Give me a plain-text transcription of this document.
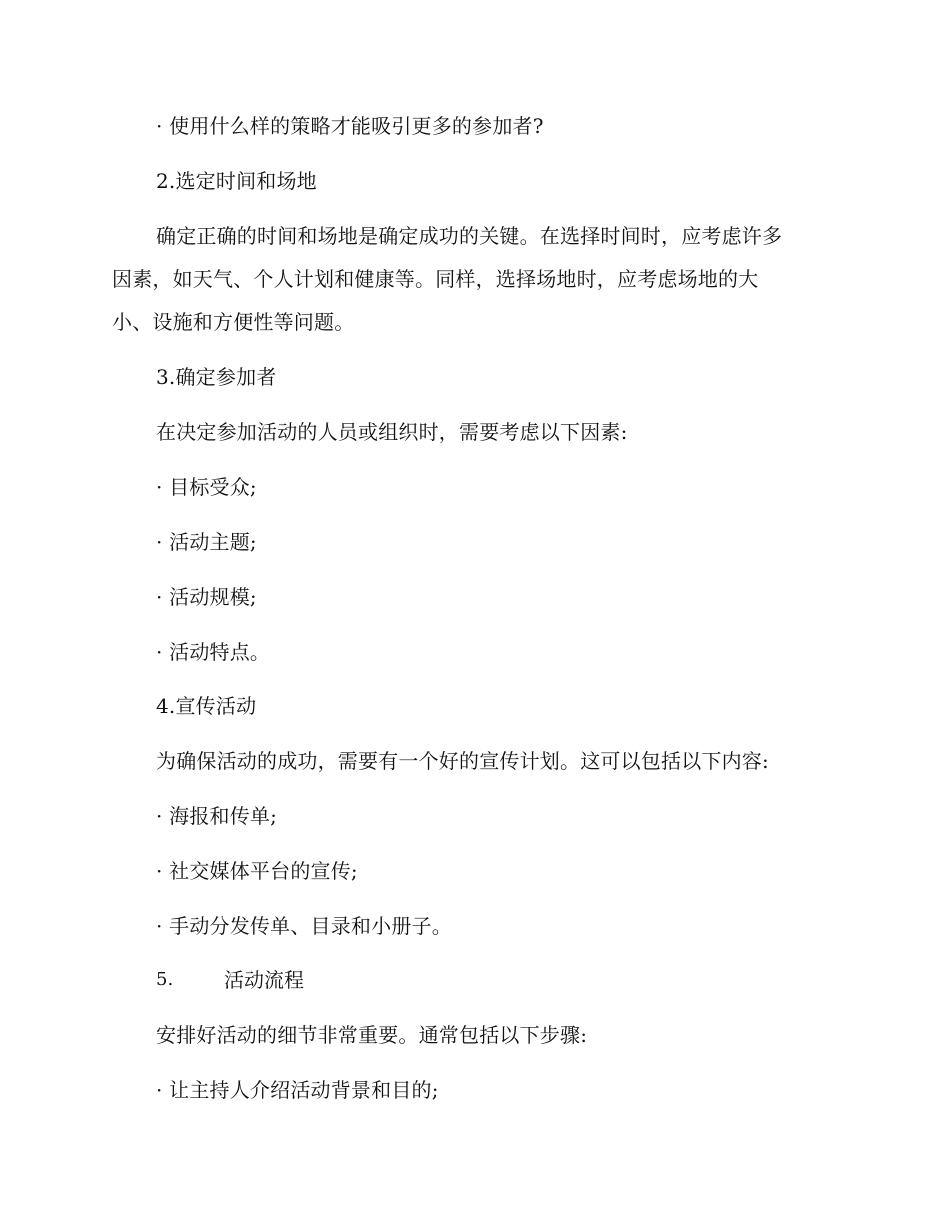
· 使用什么样的策略才能吸引更多的参加者?
2.选定时间和场地
确定正确的时间和场地是确定成功的关键。在选择时间时，应考虑许多
因素，如天气、个人计划和健康等。同样，选择场地时，应考虑场地的大
小、设施和方便性等问题。
3.确定参加者
在决定参加活动的人员或组织时，需要考虑以下因素:
· 目标受众;
· 活动主题;
· 活动规模;
· 活动特点。
4.宣传活动
为确保活动的成功，需要有一个好的宣传计划。这可以包括以下内容:
· 海报和传单;
· 社交媒体平台的宣传;
· 手动分发传单、目录和小册子。
5.	活动流程
安排好活动的细节非常重要。通常包括以下步骤:
· 让主持人介绍活动背景和目的;
